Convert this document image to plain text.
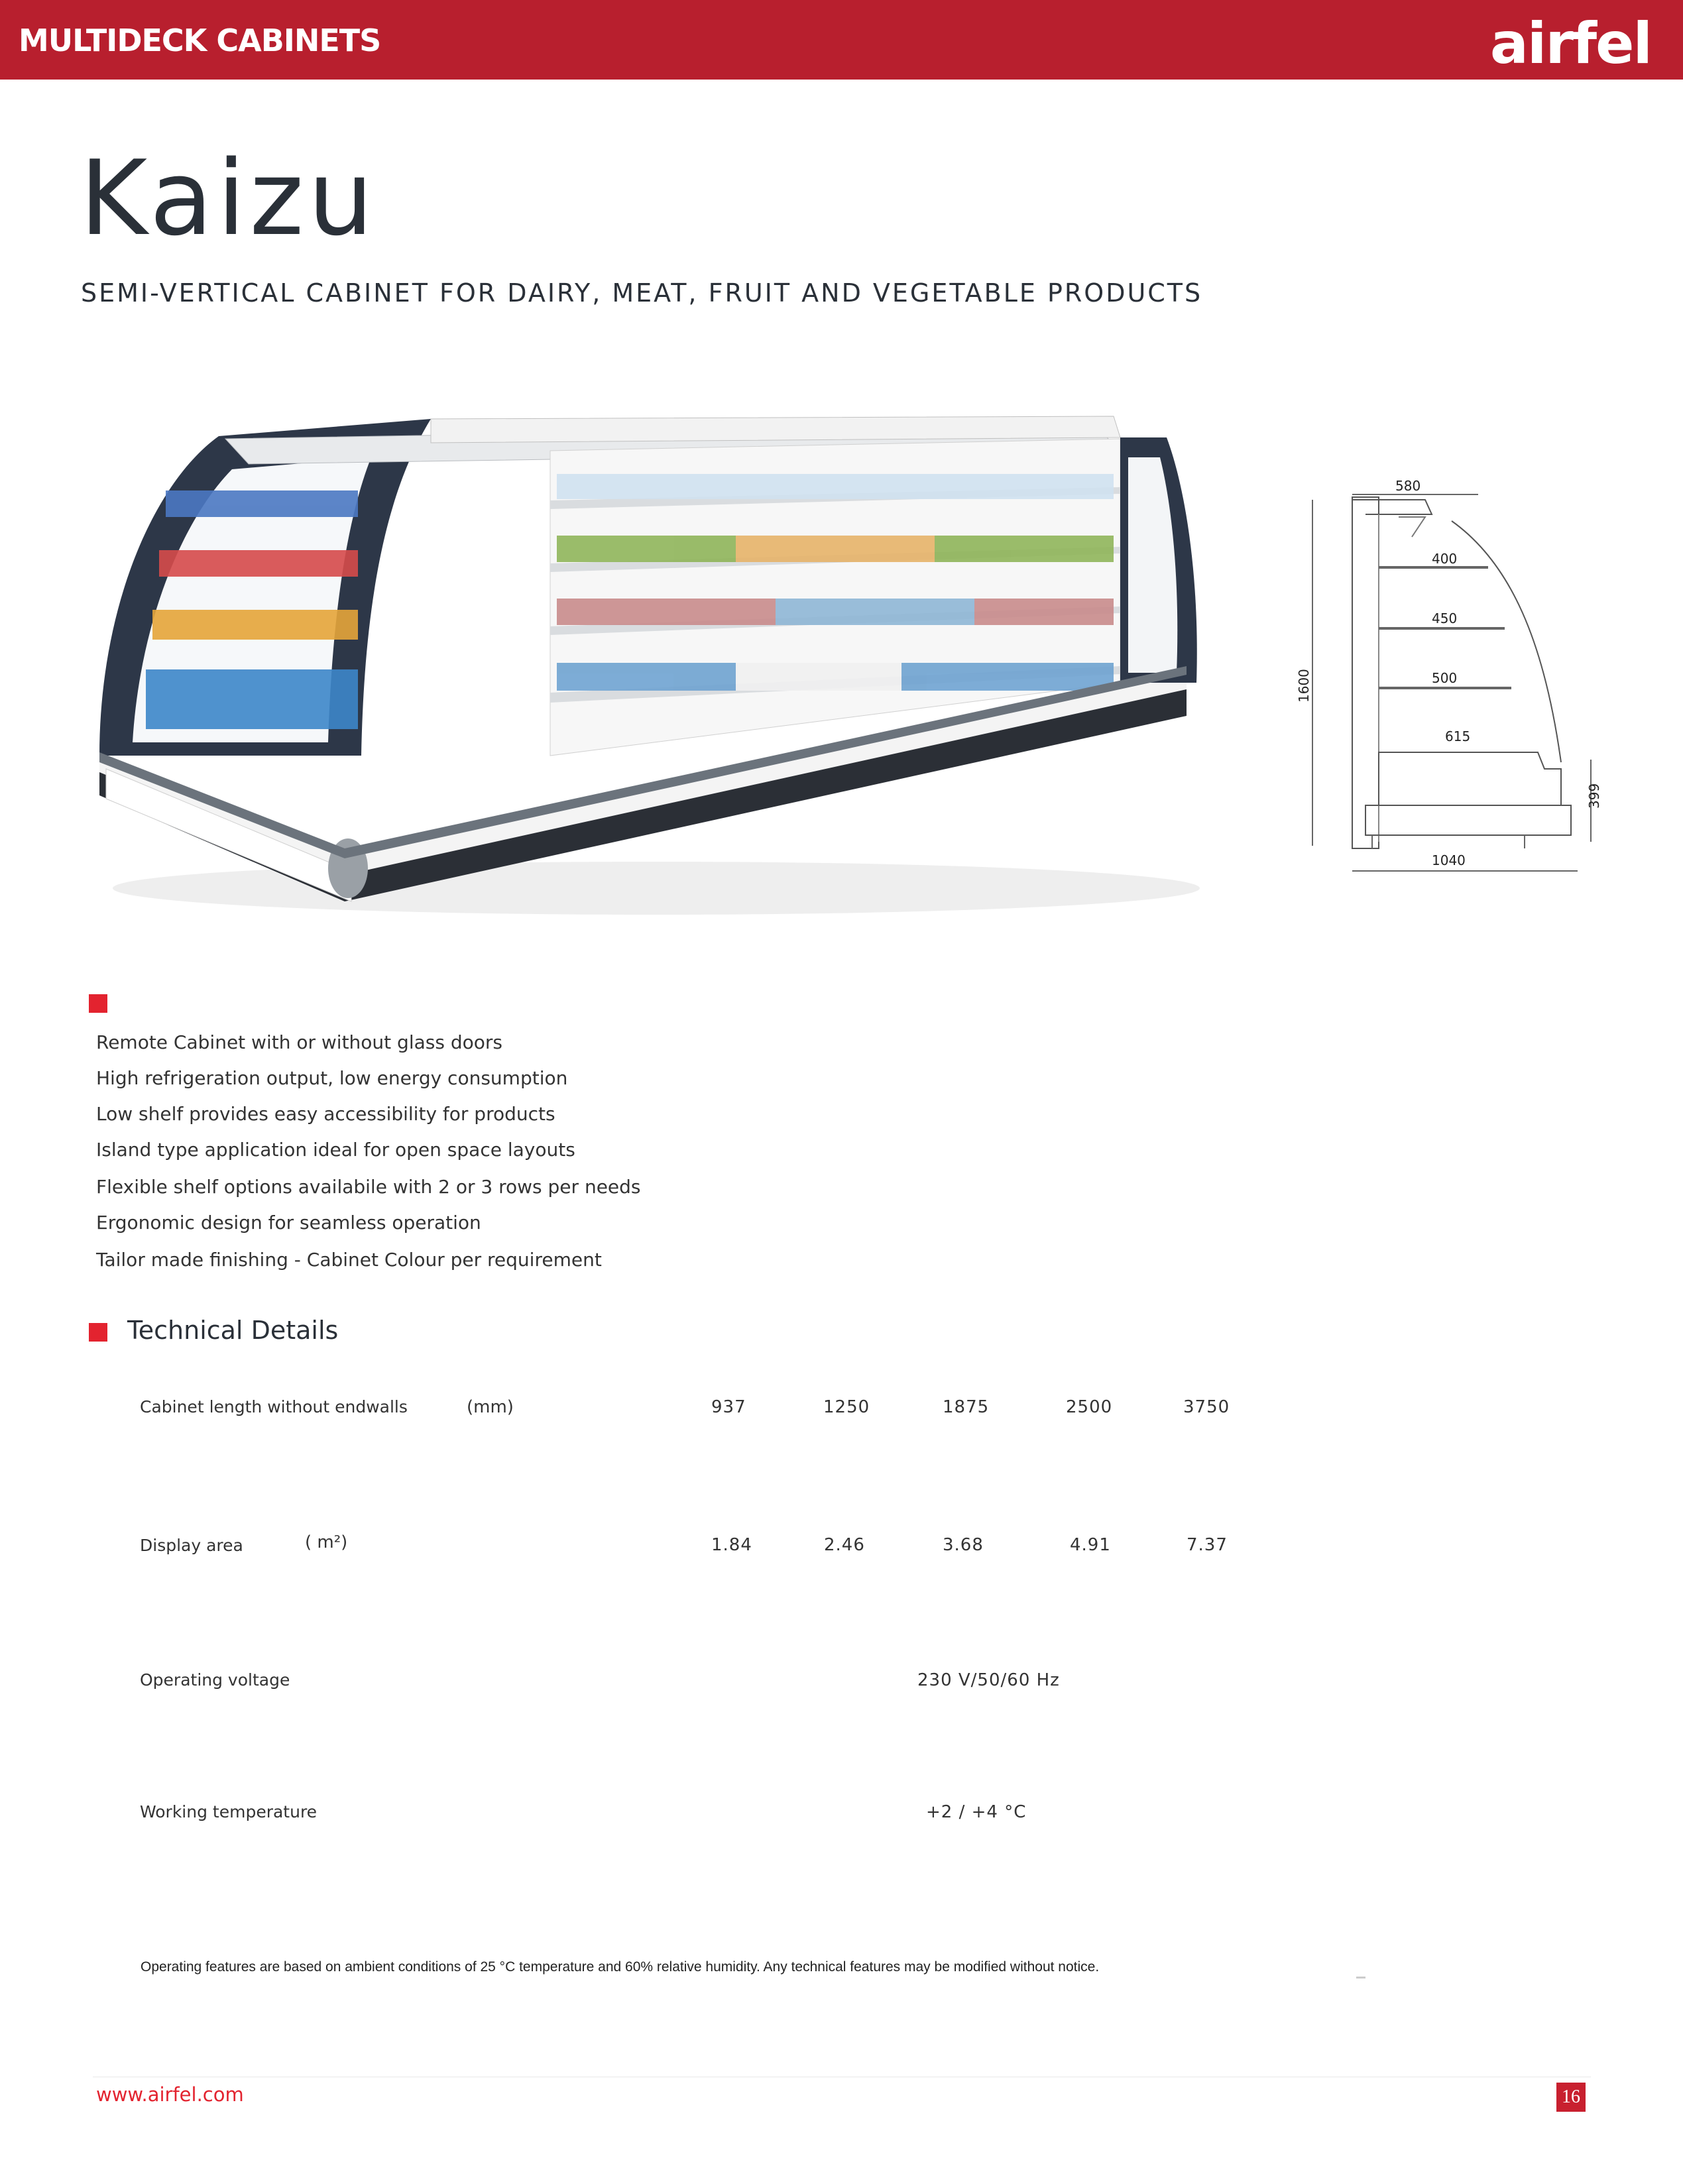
MULTIDECK CABINETS	airfel
Kaizu
SEMI-VERTICAL CABINET FOR DAIRY, MEAT, FRUIT AND VEGETABLE PRODUCTS
580
400
450
500
615
1040
1600
399
Remote Cabinet with or without glass doors
High refrigeration output, low energy consumption
Low shelf provides easy accessibility for products
Island type application ideal for open space layouts
Flexible shelf options availabile with 2 or 3 rows per needs
Ergonomic design for seamless operation
Tailor made finishing - Cabinet Colour per requirement
Technical Details
Cabinet length without endwalls	(mm)	937	1250	1875	2500	3750
Display area	( m²)	1.84	2.46	3.68	4.91	7.37
Operating voltage	230 V/50/60 Hz
Working temperature	+2 / +4 °C
Operating features are based on ambient conditions of 25 °C temperature and 60% relative humidity. Any technical features may be modified without notice.
www.airfel.com	16
